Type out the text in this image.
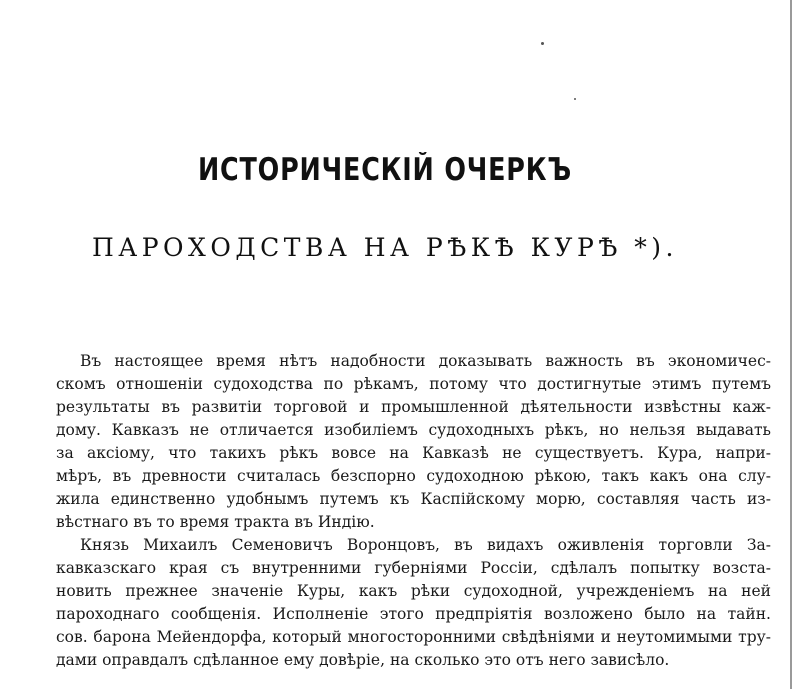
ИСТОРИЧЕСКІЙ ОЧЕРКЪ
ПАРОХОДСТВА НА РѢКѢ КУРѢ *).
Въ настоящее время нѣтъ надобности доказывать важность въ экономичес-
скомъ отношеніи судоходства по рѣкамъ, потому что достигнутые этимъ путемъ
результаты въ развитіи торговой и промышленной дѣятельности извѣстны каж-
дому. Кавказъ не отличается изобиліемъ судоходныхъ рѣкъ, но нельзя выдавать
за аксіому, что такихъ рѣкъ вовсе на Кавказѣ не существуетъ. Кура, напри-
мѣръ, въ древности считалась безспорно судоходною рѣкою, такъ какъ она слу-
жила единственно удобнымъ путемъ къ Каспійскому морю, составляя часть из-
вѣстнаго въ то время тракта въ Индію.
Князь Михаилъ Семеновичъ Воронцовъ, въ видахъ оживленія торговли За-
кавказскаго края съ внутренними губерніями Россіи, сдѣлалъ попытку возста-
новить прежнее значеніе Куры, какъ рѣки судоходной, учрежденіемъ на ней
пароходнаго сообщенія. Исполненіе этого предпріятія возложено было на тайн.
сов. барона Мейендорфа, который многосторонними свѣдѣніями и неутомимыми тру-
дами оправдалъ сдѣланное ему довѣріе, на сколько это отъ него зависѣло.
